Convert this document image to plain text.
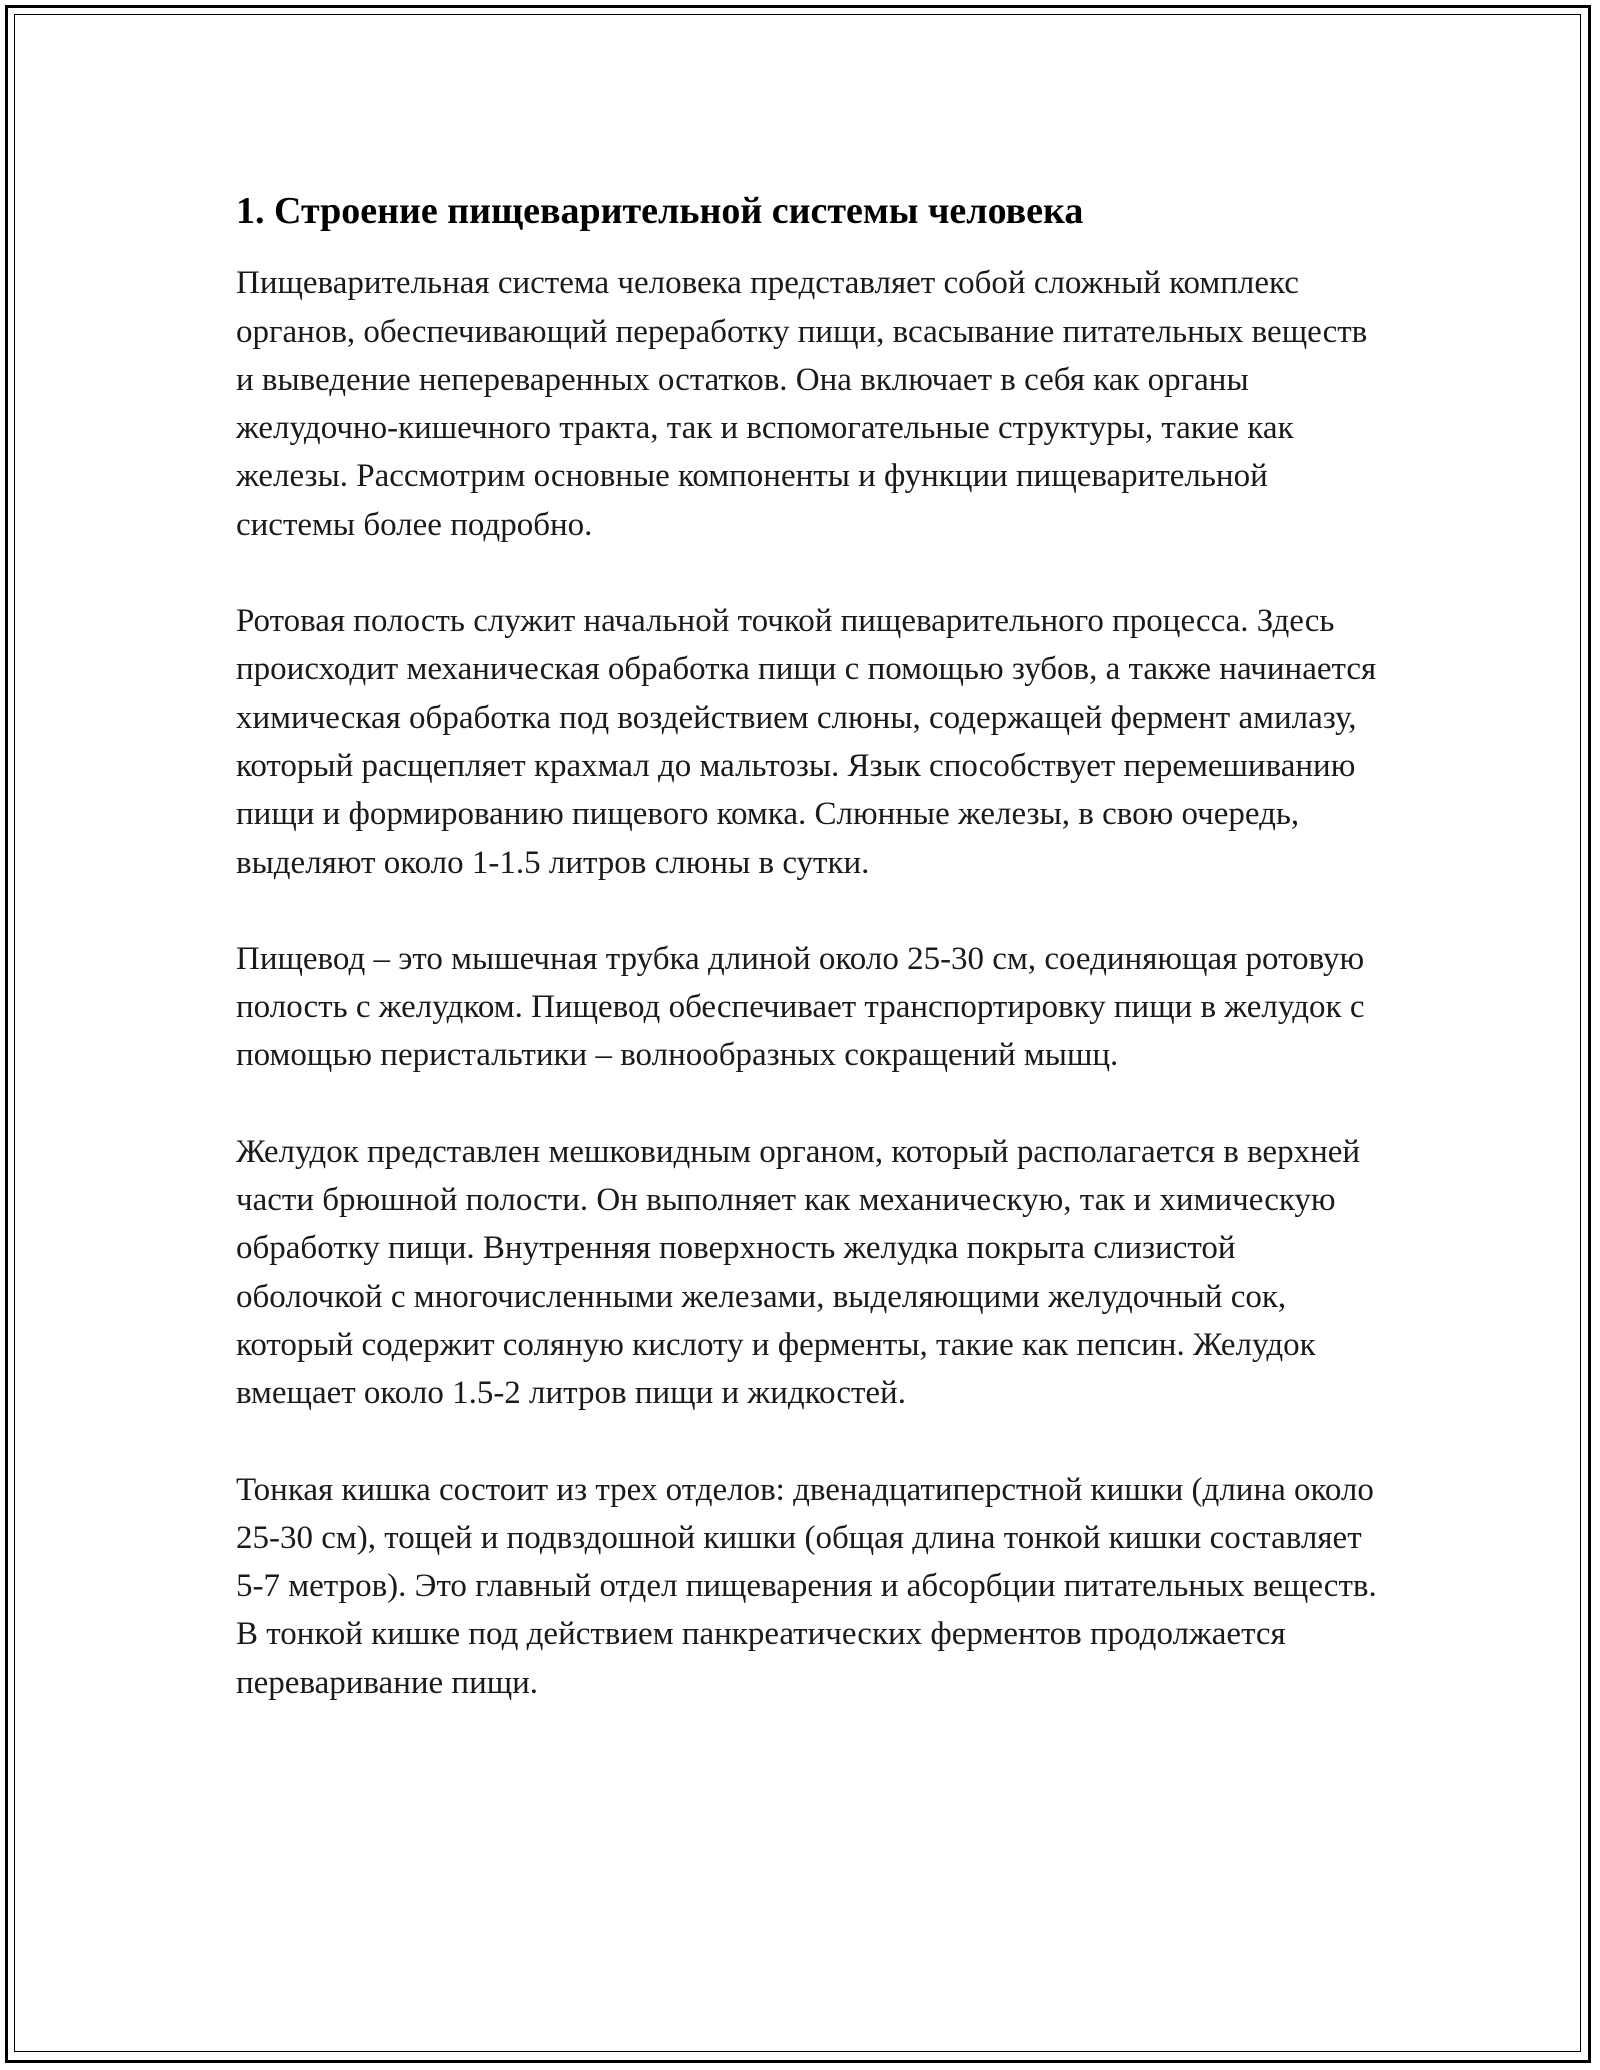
1. Строение пищеварительной системы человека

Пищеварительная система человека представляет собой сложный комплекс органов, обеспечивающий переработку пищи, всасывание питательных веществ и выведение непереваренных остатков. Она включает в себя как органы желудочно-кишечного тракта, так и вспомогательные структуры, такие как железы. Рассмотрим основные компоненты и функции пищеварительной системы более подробно.

Ротовая полость служит начальной точкой пищеварительного процесса. Здесь происходит механическая обработка пищи с помощью зубов, а также начинается химическая обработка под воздействием слюны, содержащей фермент амилазу, который расщепляет крахмал до мальтозы. Язык способствует перемешиванию пищи и формированию пищевого комка. Слюнные железы, в свою очередь, выделяют около 1-1.5 литров слюны в сутки.

Пищевод – это мышечная трубка длиной около 25-30 см, соединяющая ротовую полость с желудком. Пищевод обеспечивает транспортировку пищи в желудок с помощью перистальтики – волнообразных сокращений мышц.

Желудок представлен мешковидным органом, который располагается в верхней части брюшной полости. Он выполняет как механическую, так и химическую обработку пищи. Внутренняя поверхность желудка покрыта слизистой оболочкой с многочисленными железами, выделяющими желудочный сок, который содержит соляную кислоту и ферменты, такие как пепсин. Желудок вмещает около 1.5-2 литров пищи и жидкостей.

Тонкая кишка состоит из трех отделов: двенадцатиперстной кишки (длина около 25-30 см), тощей и подвздошной кишки (общая длина тонкой кишки составляет 5-7 метров). Это главный отдел пищеварения и абсорбции питательных веществ. В тонкой кишке под действием панкреатических ферментов продолжается переваривание пищи.
